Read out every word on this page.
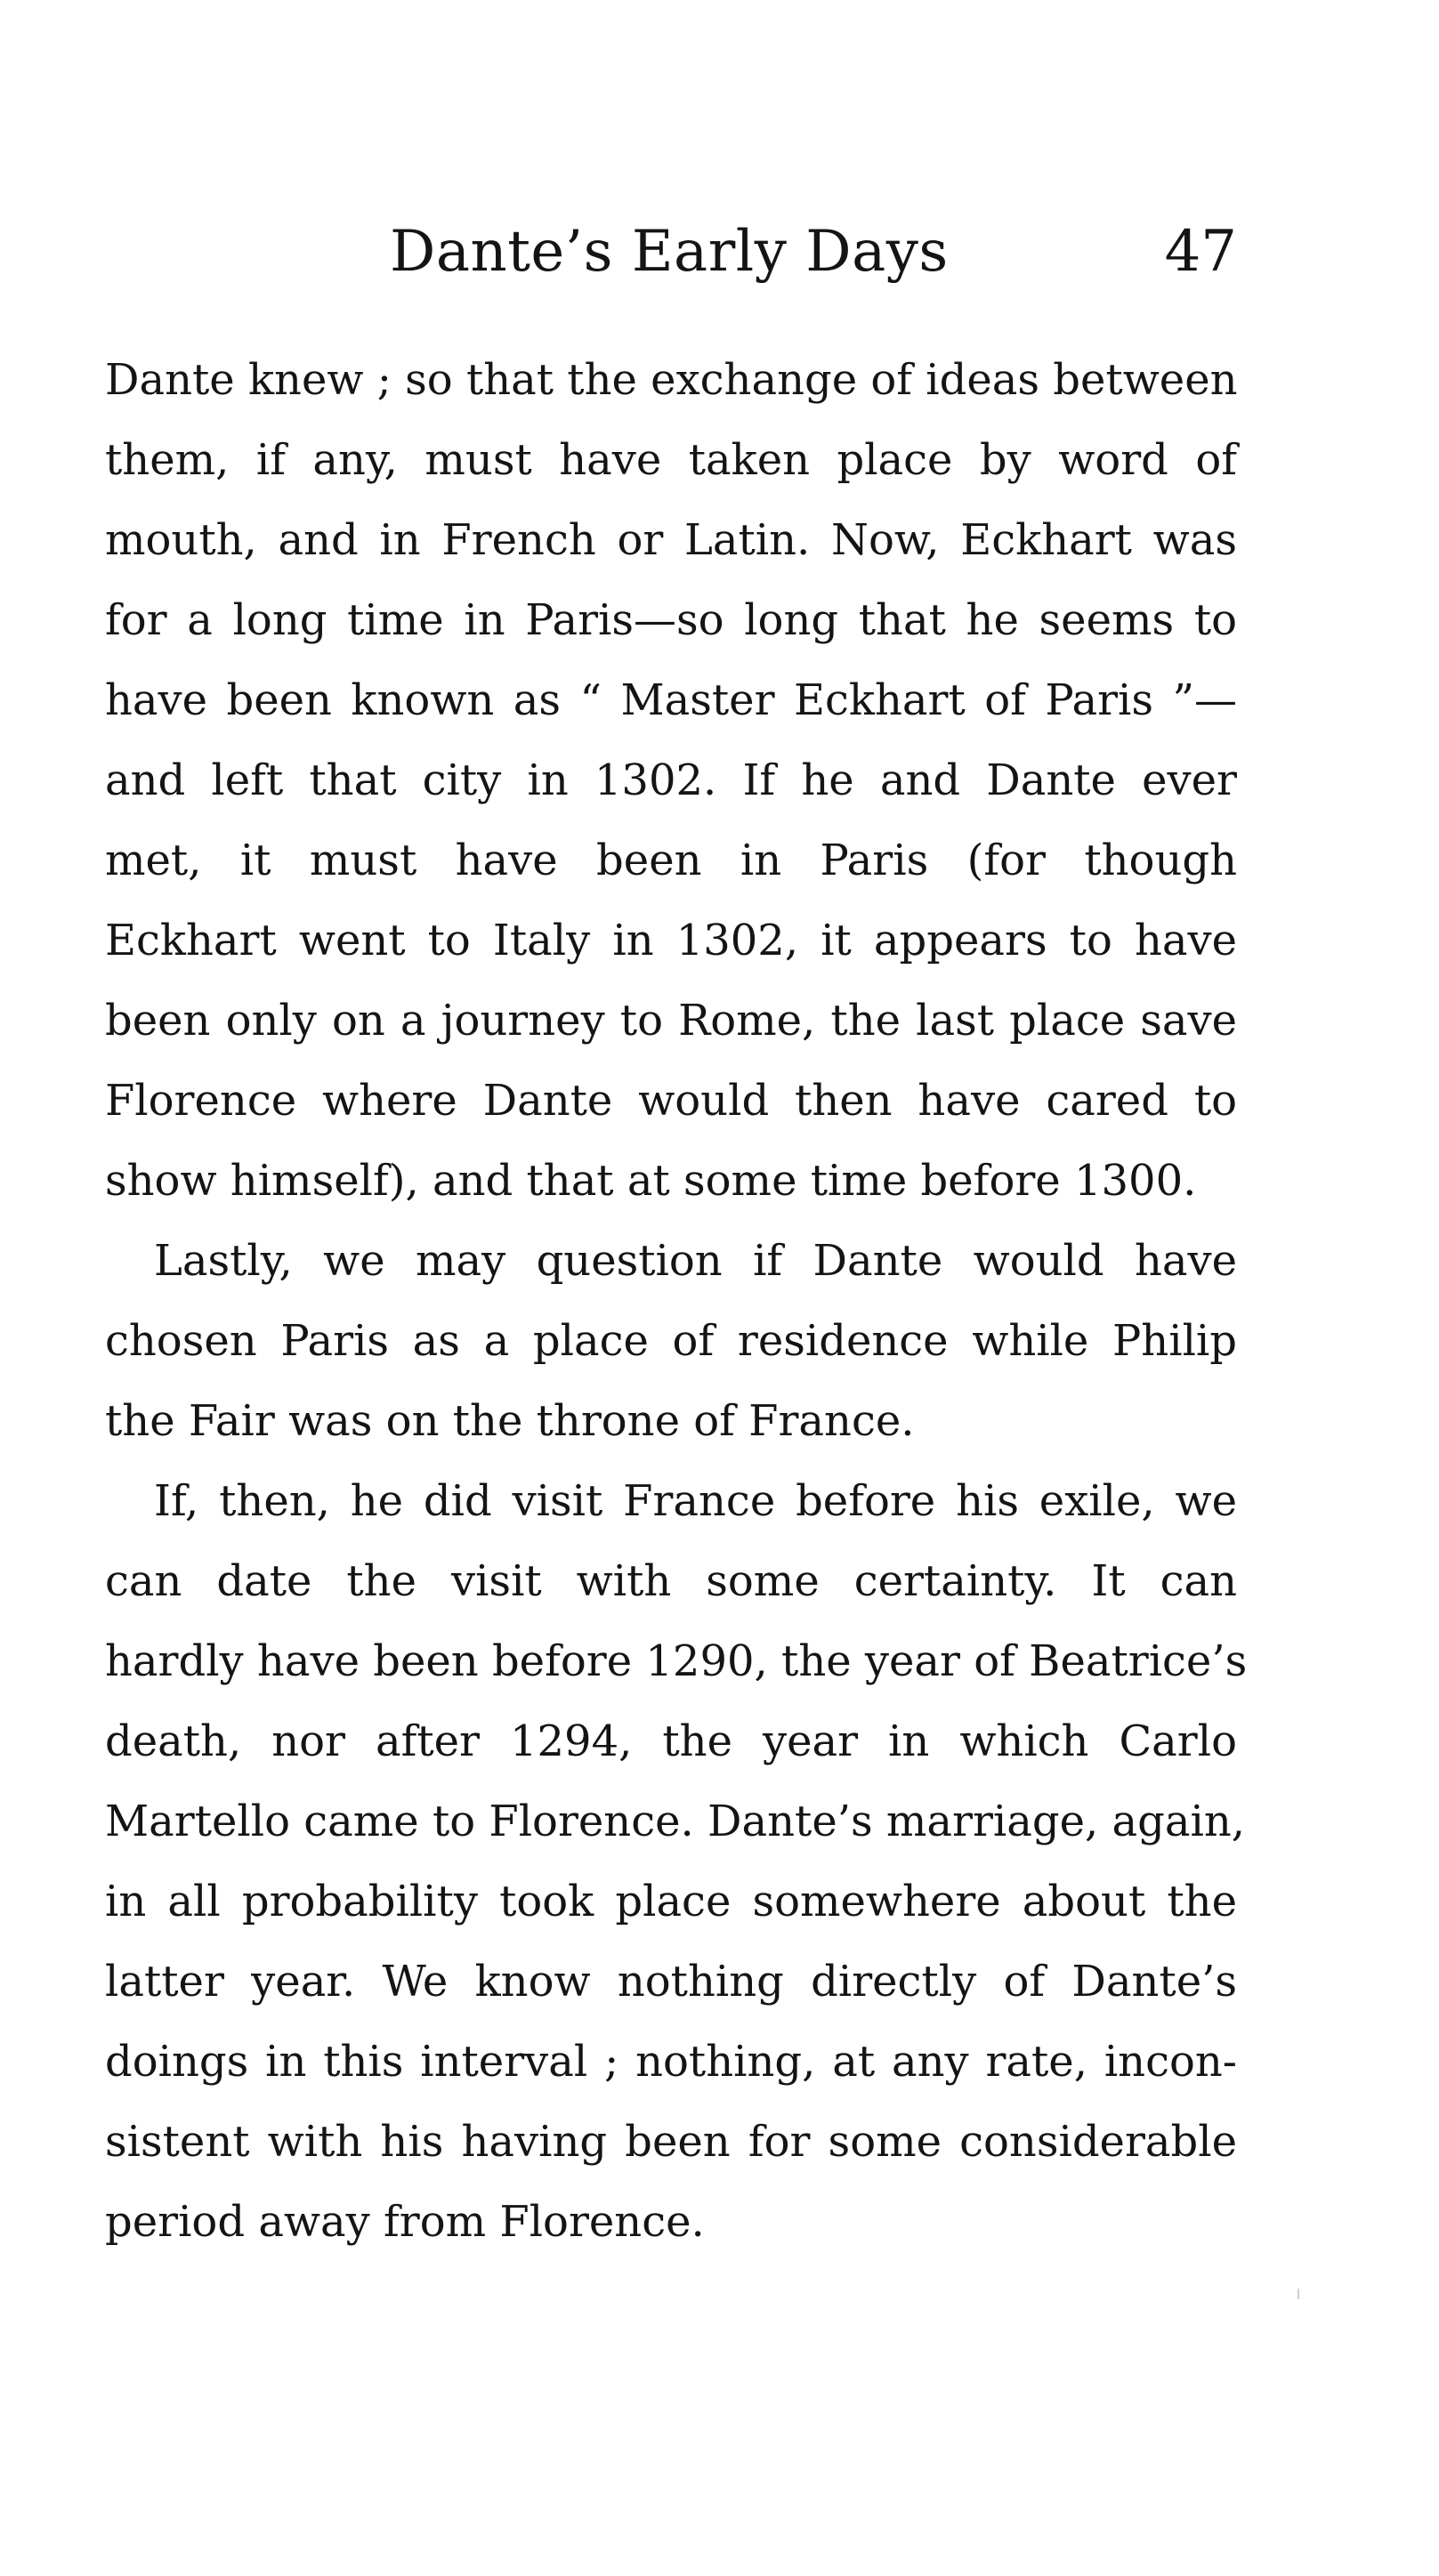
Dante’s Early Days	47
Dante knew ; so that the exchange of ideas between
them, if any, must have taken place by word of
mouth, and in French or Latin. Now, Eckhart was
for a long time in Paris—so long that he seems to
have been known as “ Master Eckhart of Paris ”—
and left that city in 1302. If he and Dante ever
met, it must have been in Paris (for though
Eckhart went to Italy in 1302, it appears to have
been only on a journey to Rome, the last place save
Florence where Dante would then have cared to
show himself), and that at some time before 1300.
Lastly, we may question if Dante would have
chosen Paris as a place of residence while Philip
the Fair was on the throne of France.
If, then, he did visit France before his exile, we
can date the visit with some certainty. It can
hardly have been before 1290, the year of Beatrice’s
death, nor after 1294, the year in which Carlo
Martello came to Florence. Dante’s marriage, again,
in all probability took place somewhere about the
latter year. We know nothing directly of Dante’s
doings in this interval ; nothing, at any rate, incon-
sistent with his having been for some considerable
period away from Florence.
